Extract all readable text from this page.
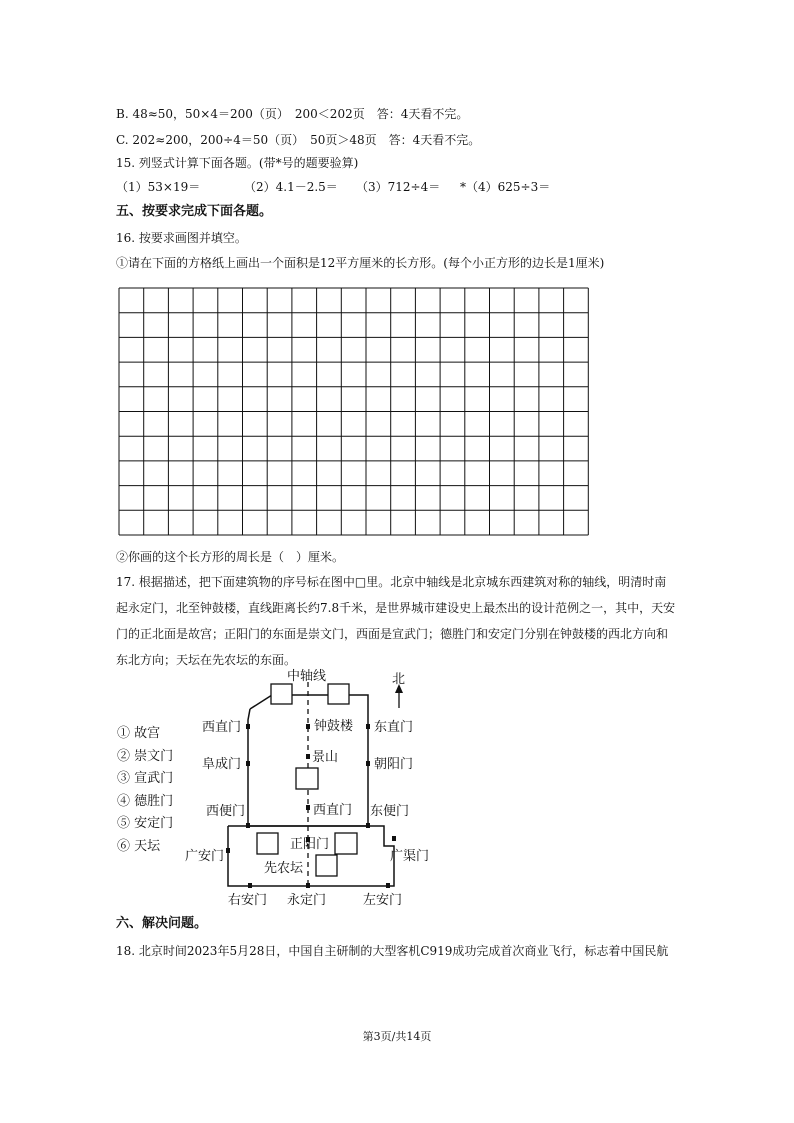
B. 48≈50，50×4＝200（页）　200＜202页　答：4天看不完。
C. 202≈200，200÷4＝50（页）　50页＞48页　答：4天看不完。
15. 列竖式计算下面各题。(带*号的题要验算)
（1）53×19＝	（2）4.1－2.5＝ （3）712÷4＝ *（4）625÷3＝
五、按要求完成下面各题。
16. 按要求画图并填空。
①请在下面的方格纸上画出一个面积是12平方厘米的长方形。(每个小正方形的边长是1厘米)
②你画的这个长方形的周长是（　）厘米。
17. 根据描述，把下面建筑物的序号标在图中□里。北京中轴线是北京城东西建筑对称的轴线，明清时南起永定门，北至钟鼓楼，直线距离长约7.8千米，是世界城市建设史上最杰出的设计范例之一，其中，天安门的正北面是故宫；正阳门的东面是崇文门，西面是宣武门；德胜门和安定门分别在钟鼓楼的西北方向和东北方向；天坛在先农坛的东面。
① 故宫
② 崇文门
③ 宣武门
④ 德胜门
⑤ 安定门
⑥ 天坛
中轴线	北
西直门	钟鼓楼 东直门
阜成门	景山	朝阳门
西便门	西直门 东便门
广安门
正阳门
广渠门
先农坛
右安门 永定门	左安门
六、解决问题。
18. 北京时间2023年5月28日，中国自主研制的大型客机C919成功完成首次商业飞行，标志着中国民航
第3页/共14页
